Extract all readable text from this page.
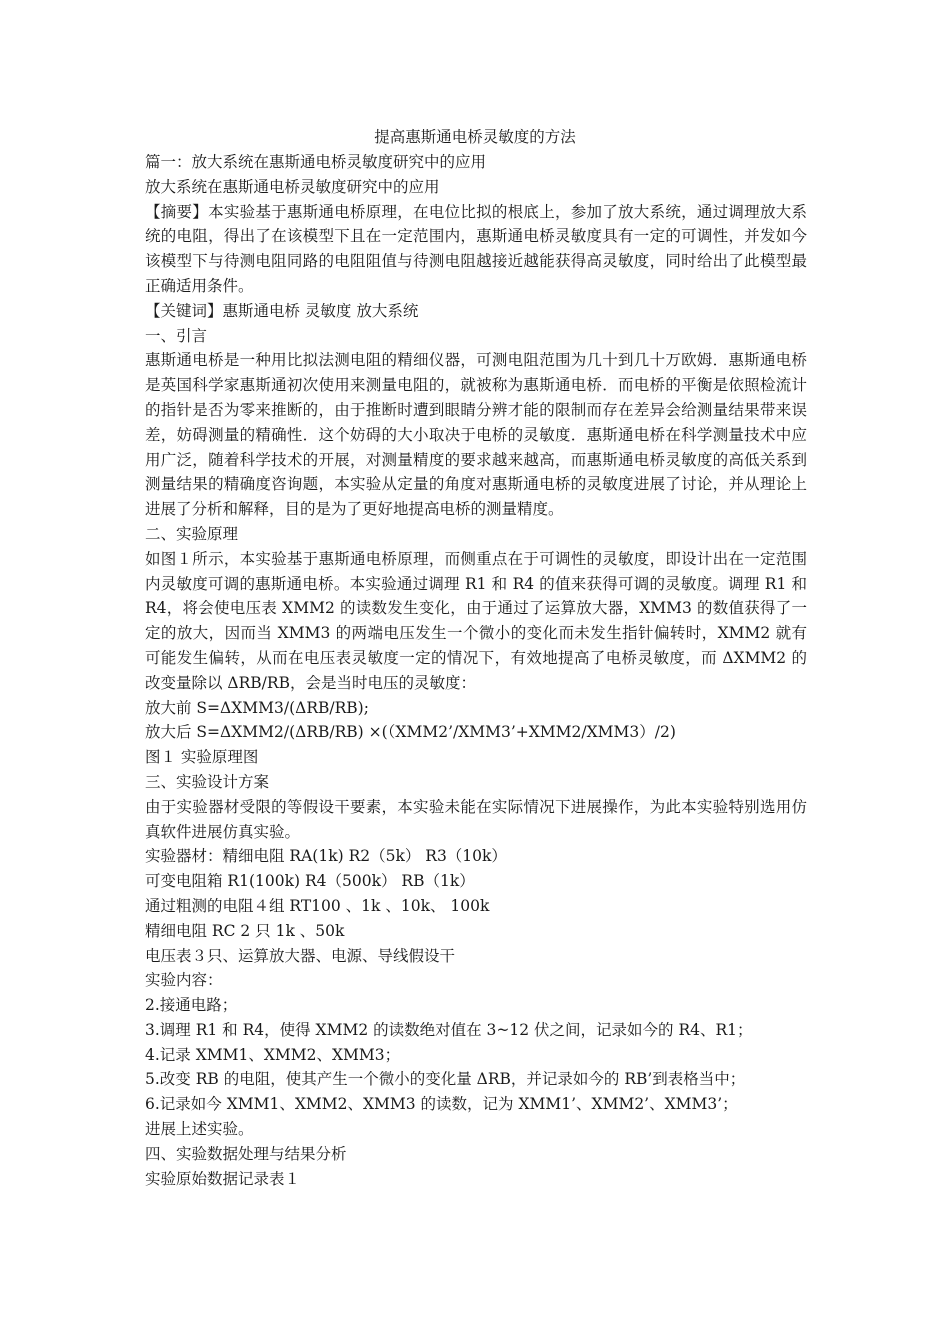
提高惠斯通电桥灵敏度的方法

篇一：放大系统在惠斯通电桥灵敏度研究中的应用

放大系统在惠斯通电桥灵敏度研究中的应用

【摘要】本实验基于惠斯通电桥原理，在电位比拟的根底上，参加了放大系统，通过调理放大系统的电阻，得出了在该模型下且在一定范围内，惠斯通电桥灵敏度具有一定的可调性，并发如今该模型下与待测电阻同路的电阻阻值与待测电阻越接近越能获得高灵敏度，同时给出了此模型最正确适用条件。

【关键词】惠斯通电桥 灵敏度 放大系统

一、引言

惠斯通电桥是一种用比拟法测电阻的精细仪器，可测电阻范围为几十到几十万欧姆．惠斯通电桥是英国科学家惠斯通初次使用来测量电阻的，就被称为惠斯通电桥．而电桥的平衡是依照检流计的指针是否为零来推断的，由于推断时遭到眼睛分辨才能的限制而存在差异会给测量结果带来误差，妨碍测量的精确性．这个妨碍的大小取决于电桥的灵敏度．惠斯通电桥在科学测量技术中应用广泛，随着科学技术的开展，对测量精度的要求越来越高，而惠斯通电桥灵敏度的高低关系到测量结果的精确度咨询题，本实验从定量的角度对惠斯通电桥的灵敏度进展了讨论，并从理论上进展了分析和解释，目的是为了更好地提高电桥的测量精度。

二、实验原理

如图１所示，本实验基于惠斯通电桥原理，而侧重点在于可调性的灵敏度，即设计出在一定范围内灵敏度可调的惠斯通电桥。本实验通过调理 R1 和 R4 的值来获得可调的灵敏度。调理 R1 和 R4，将会使电压表 XMM2 的读数发生变化，由于通过了运算放大器，XMM3 的数值获得了一定的放大，因而当 XMM3 的两端电压发生一个微小的变化而未发生指针偏转时，XMM2 就有可能发生偏转，从而在电压表灵敏度一定的情况下，有效地提高了电桥灵敏度，而 ΔXMM2 的改变量除以 ΔRB/RB，会是当时电压的灵敏度：

放大前 S=ΔXMM3/(ΔRB/RB);

放大后 S=ΔXMM2/(ΔRB/RB) ×(（XMM2’/XMM3’+XMM2/XMM3）/2)

图１ 实验原理图

三、实验设计方案

由于实验器材受限的等假设干要素，本实验未能在实际情况下进展操作，为此本实验特别选用仿真软件进展仿真实验。

实验器材：精细电阻 RA(1k) R2（5k） R3（10k）

可变电阻箱 R1(100k) R4（500k） RB（1k）

通过粗测的电阻４组 RT100 、1k 、10k、 100k

精细电阻 RC 2 只 1k 、50k

电压表３只、运算放大器、电源、导线假设干

实验内容：

2.接通电路；

3.调理 R1 和 R4，使得 XMM2 的读数绝对值在 3~12 伏之间，记录如今的 R4、R1；

4.记录 XMM1、XMM2、XMM3；

5.改变 RB 的电阻，使其产生一个微小的变化量 ΔRB，并记录如今的 RB’到表格当中；

6.记录如今 XMM1、XMM2、XMM3 的读数，记为 XMM1’、XMM2’、XMM3’；

进展上述实验。

四、实验数据处理与结果分析

实验原始数据记录表１
